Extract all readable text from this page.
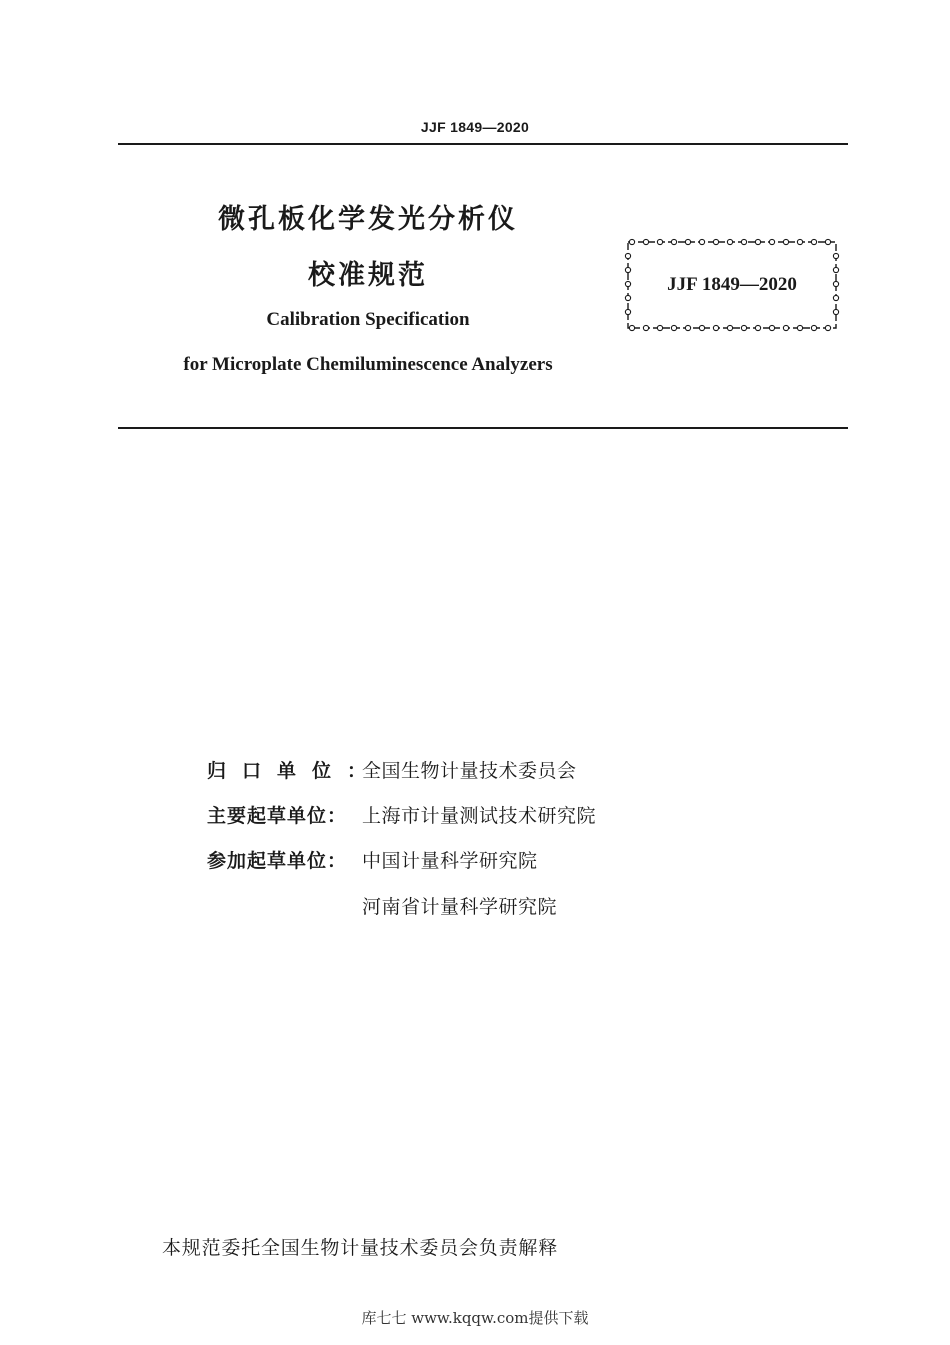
JJF 1849—2020
微孔板化学发光分析仪
校准规范
Calibration Specification
for Microplate Chemiluminescence Analyzers
JJF 1849—2020
归口单位：
全国生物计量技术委员会
主要起草单位： 上海市计量测试技术研究院
参加起草单位： 中国计量科学研究院
河南省计量科学研究院
本规范委托全国生物计量技术委员会负责解释
库七七 www.kqqw.com提供下载
